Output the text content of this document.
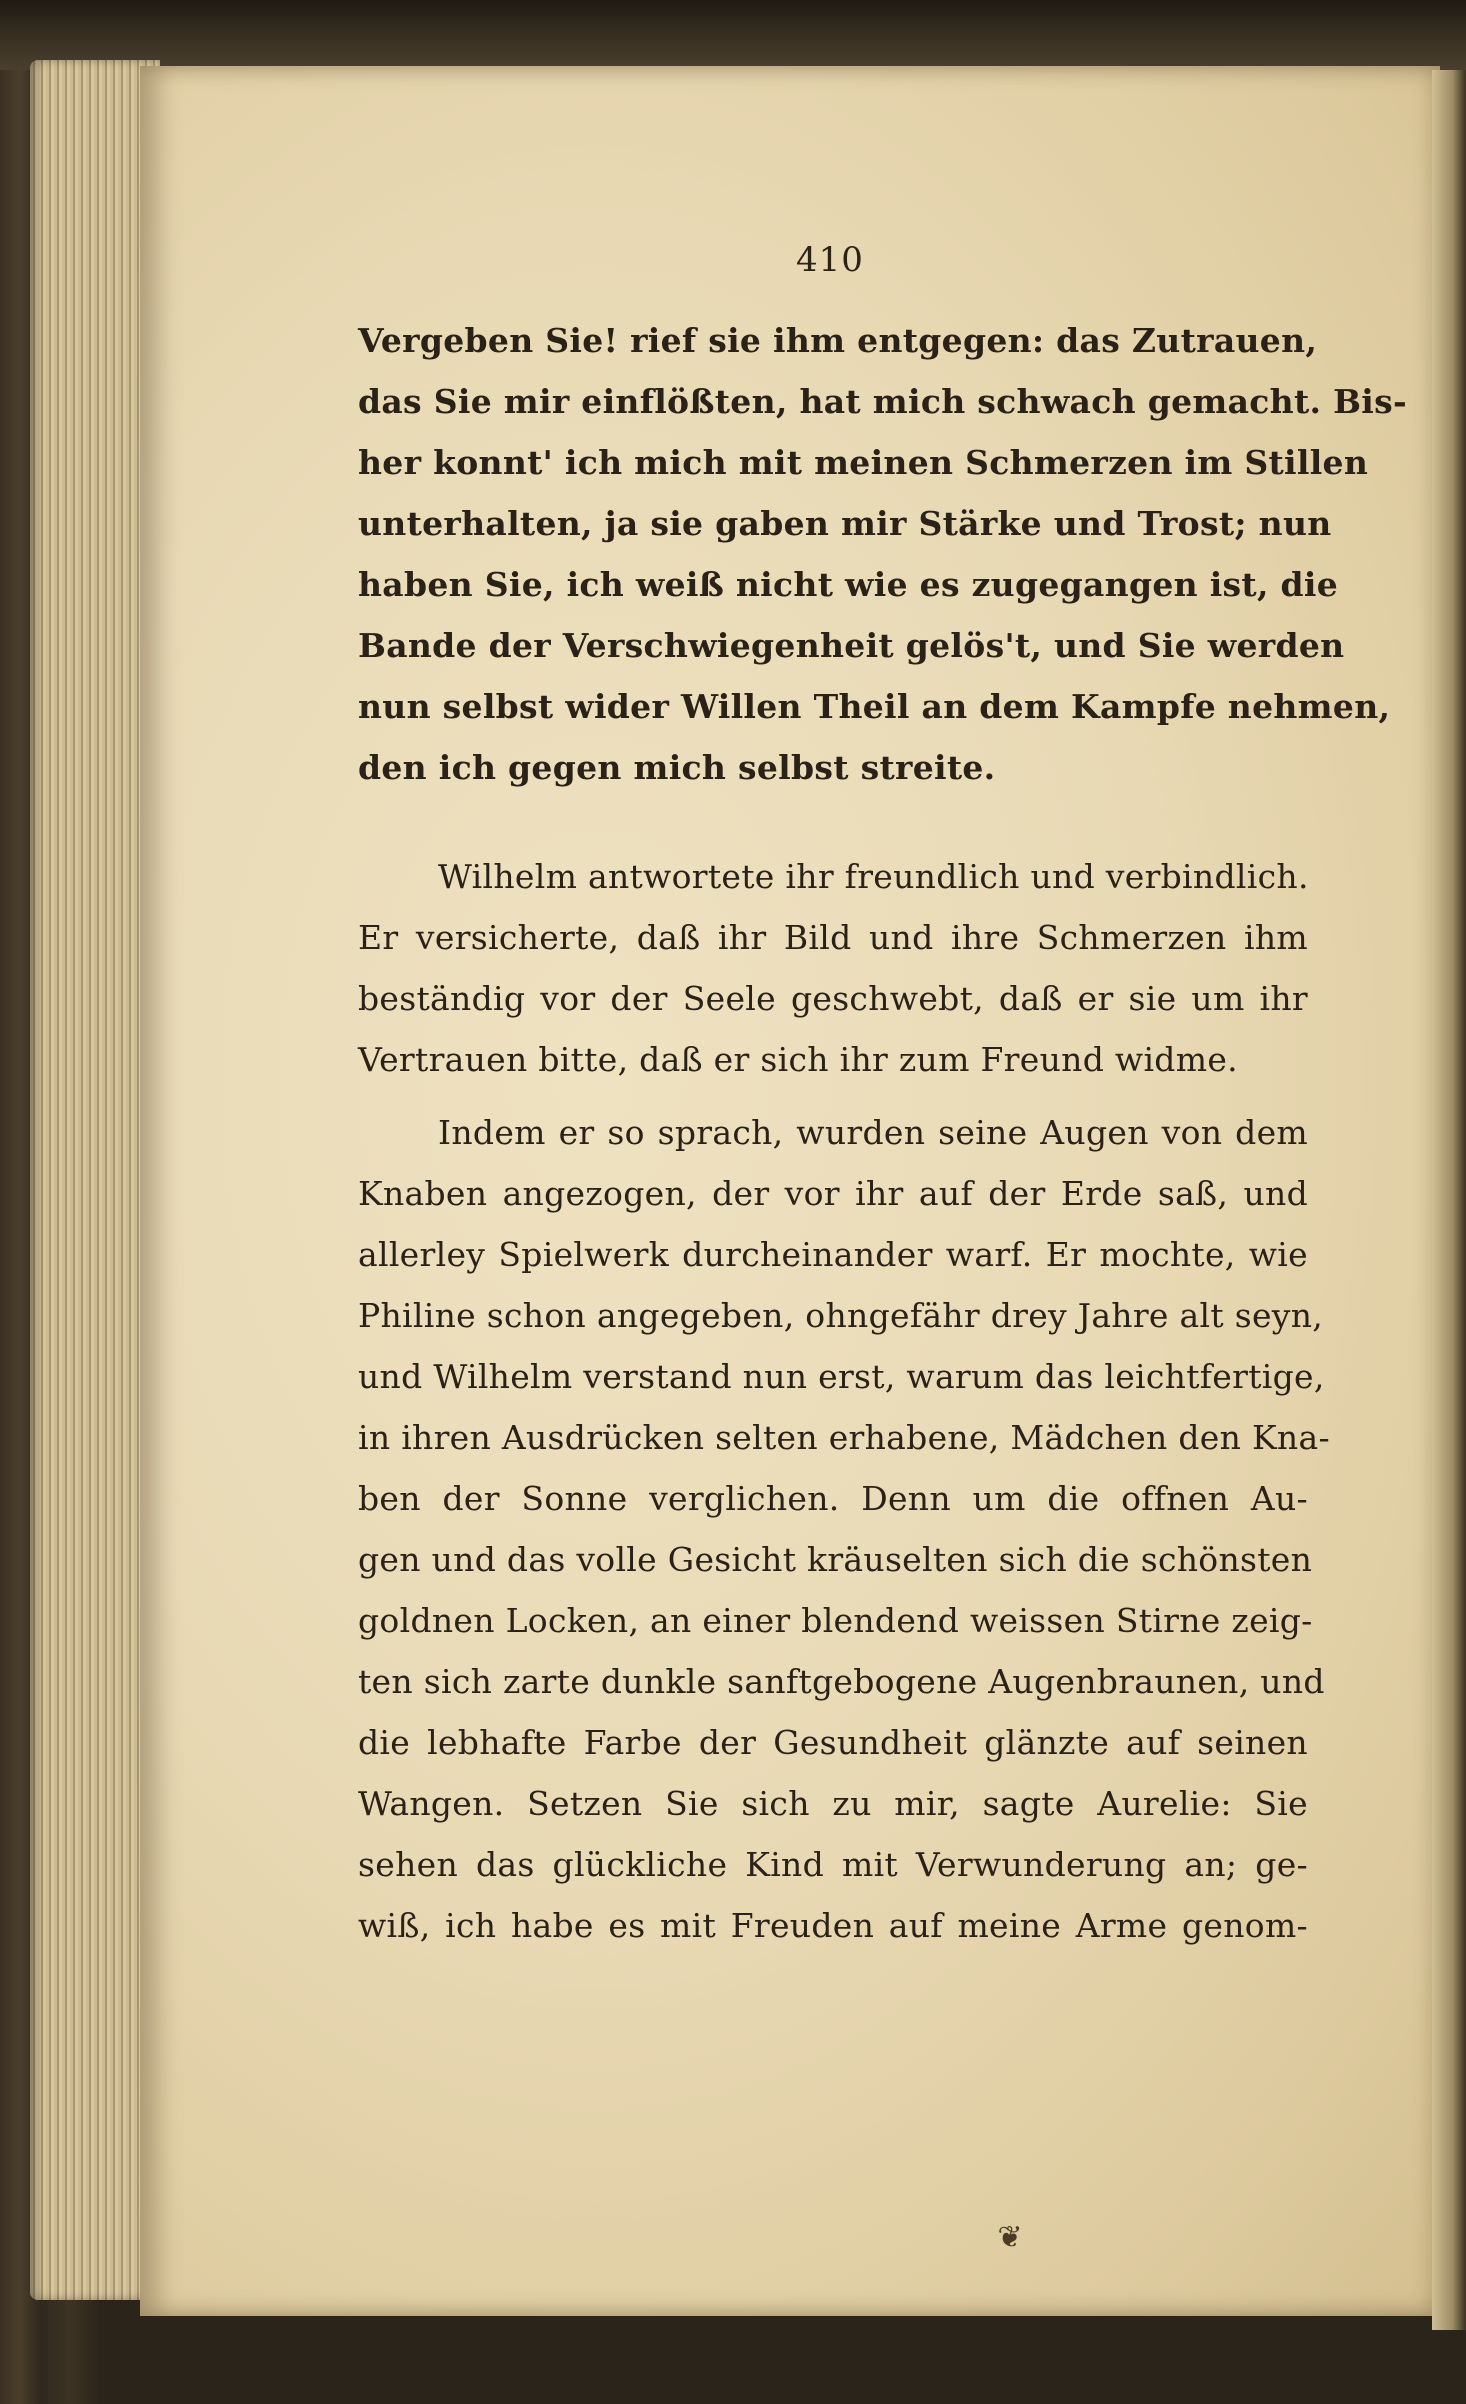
410
Vergeben Sie! rief sie ihm entgegen: das Zutrauen,
das Sie mir einflößten, hat mich schwach gemacht. Bis-
her konnt' ich mich mit meinen Schmerzen im Stillen
unterhalten, ja sie gaben mir Stärke und Trost; nun
haben Sie, ich weiß nicht wie es zugegangen ist, die
Bande der Verschwiegenheit gelös't, und Sie werden
nun selbst wider Willen Theil an dem Kampfe nehmen,
den ich gegen mich selbst streite.
Wilhelm antwortete ihr freundlich und verbindlich.
Er versicherte, daß ihr Bild und ihre Schmerzen ihm
beständig vor der Seele geschwebt, daß er sie um ihr
Vertrauen bitte, daß er sich ihr zum Freund widme.
Indem er so sprach, wurden seine Augen von dem
Knaben angezogen, der vor ihr auf der Erde saß, und
allerley Spielwerk durcheinander warf. Er mochte, wie
Philine schon angegeben, ohngefähr drey Jahre alt seyn,
und Wilhelm verstand nun erst, warum das leichtfertige,
in ihren Ausdrücken selten erhabene, Mädchen den Kna-
ben der Sonne verglichen. Denn um die offnen Au-
gen und das volle Gesicht kräuselten sich die schönsten
goldnen Locken, an einer blendend weissen Stirne zeig-
ten sich zarte dunkle sanftgebogene Augenbraunen, und
die lebhafte Farbe der Gesundheit glänzte auf seinen
Wangen. Setzen Sie sich zu mir, sagte Aurelie: Sie
sehen das glückliche Kind mit Verwunderung an; ge-
wiß, ich habe es mit Freuden auf meine Arme genom-
❦
